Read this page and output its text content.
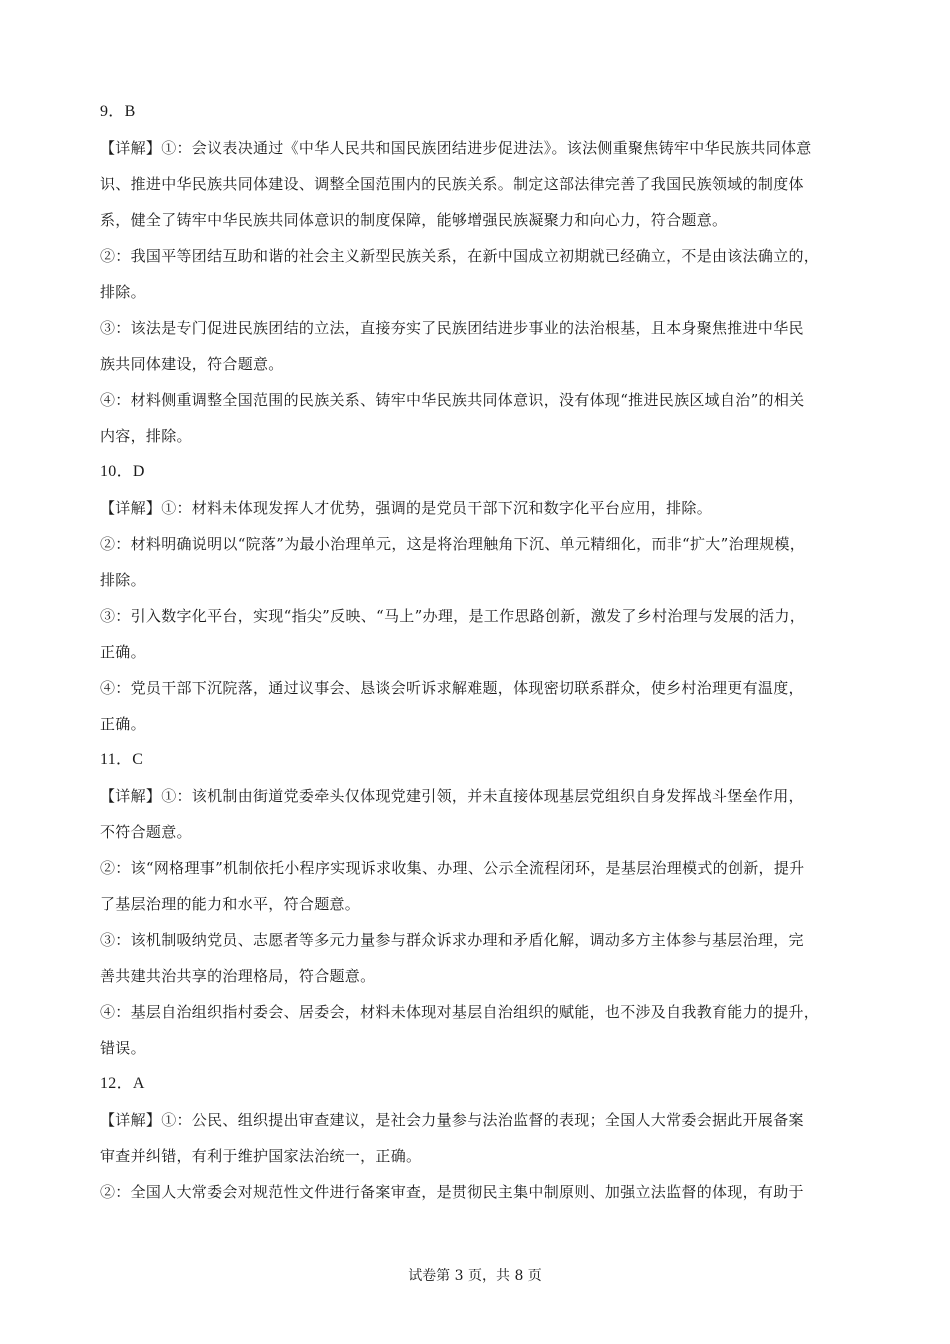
9．B
【详解】①：会议表决通过《中华人民共和国民族团结进步促进法》。该法侧重聚焦铸牢中华民族共同体意
识、推进中华民族共同体建设、调整全国范围内的民族关系。制定这部法律完善了我国民族领域的制度体
系，健全了铸牢中华民族共同体意识的制度保障，能够增强民族凝聚力和向心力，符合题意。
②：我国平等团结互助和谐的社会主义新型民族关系，在新中国成立初期就已经确立，不是由该法确立的，
排除。
③：该法是专门促进民族团结的立法，直接夯实了民族团结进步事业的法治根基，且本身聚焦推进中华民
族共同体建设，符合题意。
④：材料侧重调整全国范围的民族关系、铸牢中华民族共同体意识，没有体现“推进民族区域自治”的相关
内容，排除。
10．D
【详解】①：材料未体现发挥人才优势，强调的是党员干部下沉和数字化平台应用，排除。
②：材料明确说明以“院落”为最小治理单元，这是将治理触角下沉、单元精细化，而非“扩大”治理规模，
排除。
③：引入数字化平台，实现“指尖”反映、“马上”办理，是工作思路创新，激发了乡村治理与发展的活力，
正确。
④：党员干部下沉院落，通过议事会、恳谈会听诉求解难题，体现密切联系群众，使乡村治理更有温度，
正确。
11．C
【详解】①：该机制由街道党委牵头仅体现党建引领，并未直接体现基层党组织自身发挥战斗堡垒作用，
不符合题意。
②：该“网格理事”机制依托小程序实现诉求收集、办理、公示全流程闭环，是基层治理模式的创新，提升
了基层治理的能力和水平，符合题意。
③：该机制吸纳党员、志愿者等多元力量参与群众诉求办理和矛盾化解，调动多方主体参与基层治理，完
善共建共治共享的治理格局，符合题意。
④：基层自治组织指村委会、居委会，材料未体现对基层自治组织的赋能，也不涉及自我教育能力的提升，
错误。
12．A
【详解】①：公民、组织提出审查建议，是社会力量参与法治监督的表现；全国人大常委会据此开展备案
审查并纠错，有利于维护国家法治统一，正确。
②：全国人大常委会对规范性文件进行备案审查，是贯彻民主集中制原则、加强立法监督的体现，有助于
试卷第 3 页，共 8 页
